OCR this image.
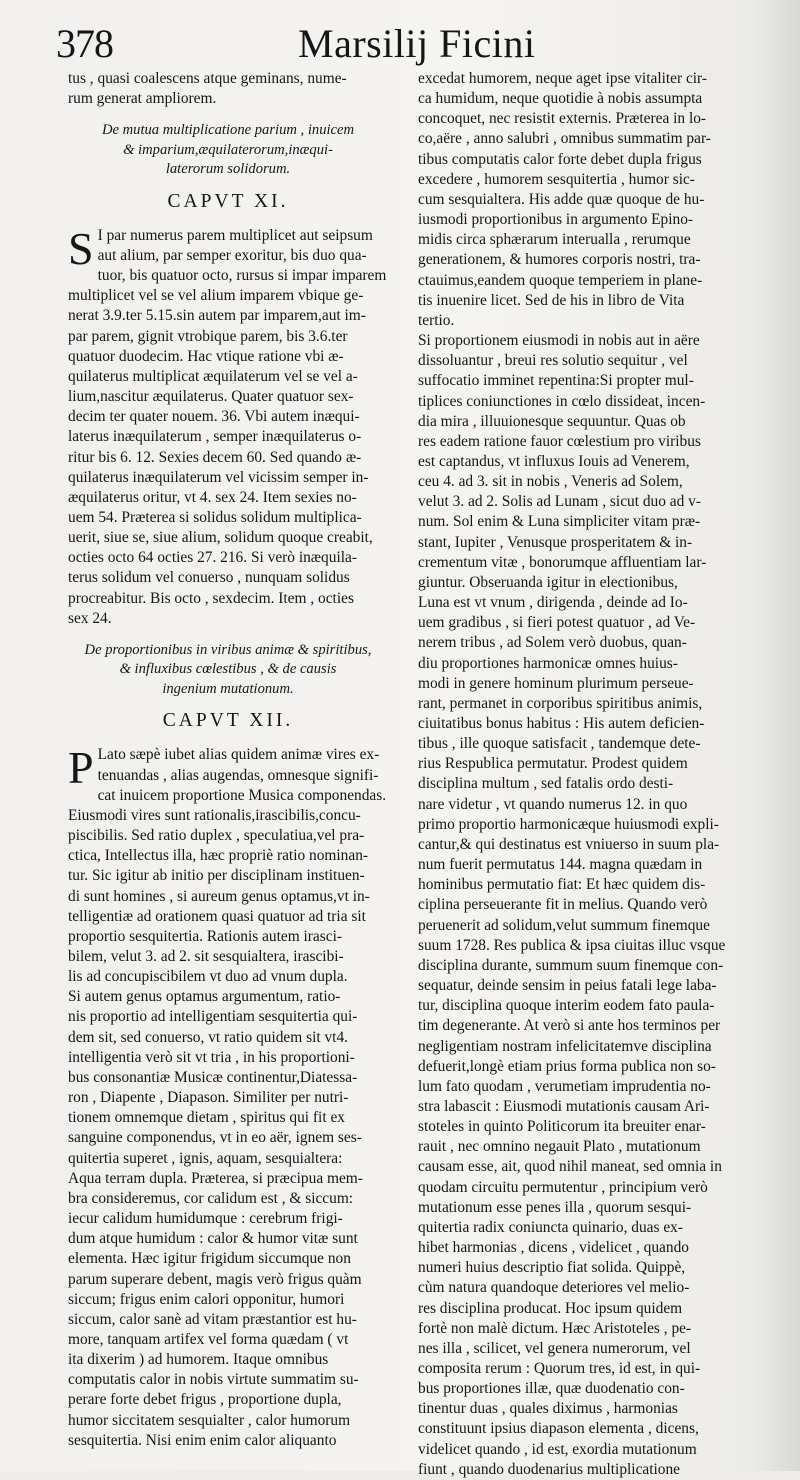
378	Marsilij Ficini
tus , quasi coalescens atque geminans, nume-
rum generat ampliorem.
De mutua multiplicatione parium , inuicem
& imparium,æquilaterorum,inæqui-
laterorum solidorum.
CAPVT XI.
S I par numerus parem multiplicet aut seipsum
aut alium, par semper exoritur, bis duo qua-
tuor, bis quatuor octo, rursus si impar imparem
multiplicet vel se vel alium imparem vbique ge-
nerat 3.9.ter 5.15.sin autem par imparem,aut im-
par parem, gignit vtrobique parem, bis 3.6.ter
quatuor duodecim. Hac vtique ratione vbi æ-
quilaterus multiplicat æquilaterum vel se vel a-
lium,nascitur æquilaterus. Quater quatuor sex-
decim ter quater nouem. 36. Vbi autem inæqui-
laterus inæquilaterum , semper inæquilaterus o-
ritur bis 6. 12. Sexies decem 60. Sed quando æ-
quilaterus inæquilaterum vel vicissim semper in-
æquilaterus oritur, vt 4. sex 24. Item sexies no-
uem 54. Præterea si solidus solidum multiplica-
uerit, siue se, siue alium, solidum quoque creabit,
octies octo 64 octies 27. 216. Si verò inæquila-
terus solidum vel conuerso , nunquam solidus
procreabitur. Bis octo , sexdecim. Item , octies
sex 24.
De proportionibus in viribus animæ & spiritibus,
& influxibus cœlestibus , & de causis
ingenium mutationum.
CAPVT XII.
P Lato sæpè iubet alias quidem animæ vires ex-
tenuandas , alias augendas, omnesque signifi-
cat inuicem proportione Musica componendas.
Eiusmodi vires sunt rationalis,irascibilis,concu-
piscibilis. Sed ratio duplex , speculatiua,vel pra-
ctica, Intellectus illa, hæc propriè ratio nominan-
tur. Sic igitur ab initio per disciplinam instituen-
di sunt homines , si aureum genus optamus,vt in-
telligentiæ ad orationem quasi quatuor ad tria sit
proportio sesquitertia. Rationis autem irasci-
bilem, velut 3. ad 2. sit sesquialtera, irascibi-
lis ad concupiscibilem vt duo ad vnum dupla.
Si autem genus optamus argumentum, ratio-
nis proportio ad intelligentiam sesquitertia qui-
dem sit, sed conuerso, vt ratio quidem sit vt4.
intelligentia verò sit vt tria , in his proportioni-
bus consonantiæ Musicæ continentur,Diatessa-
ron , Diapente , Diapason. Similiter per nutri-
tionem omnemque dietam , spiritus qui fit ex
sanguine componendus, vt in eo aër, ignem ses-
quitertia superet , ignis, aquam, sesquialtera:
Aqua terram dupla. Præterea, si præcipua mem-
bra consideremus, cor calidum est , & siccum:
iecur calidum humidumque : cerebrum frigi-
dum atque humidum : calor & humor vitæ sunt
elementa. Hæc igitur frigidum siccumque non
parum superare debent, magis verò frigus quàm
siccum; frigus enim calori opponitur, humori
siccum, calor sanè ad vitam præstantior est hu-
more, tanquam artifex vel forma quædam ( vt
ita dixerim ) ad humorem. Itaque omnibus
computatis calor in nobis virtute summatim su-
perare forte debet frigus , proportione dupla,
humor siccitatem sesquialter , calor humorum
sesquitertia. Nisi enim enim calor aliquanto
excedat humorem, neque aget ipse vitaliter cir-
ca humidum, neque quotidie à nobis assumpta
concoquet, nec resistit externis. Præterea in lo-
co,aëre , anno salubri , omnibus summatim par-
tibus computatis calor forte debet dupla frigus
excedere , humorem sesquitertia , humor sic-
cum sesquialtera. His adde quæ quoque de hu-
iusmodi proportionibus in argumento Epino-
midis circa sphærarum interualla , rerumque
generationem, & humores corporis nostri, tra-
ctauimus,eandem quoque temperiem in plane-
tis inuenire licet. Sed de his in libro de Vita
tertio.
Si proportionem eiusmodi in nobis aut in aëre
dissoluantur , breui res solutio sequitur , vel
suffocatio imminet repentina:Si propter mul-
tiplices coniunctiones in cœlo dissideat, incen-
dia mira , illuuionesque sequuntur. Quas ob
res eadem ratione fauor cœlestium pro viribus
est captandus, vt influxus Iouis ad Venerem,
ceu 4. ad 3. sit in nobis , Veneris ad Solem,
velut 3. ad 2. Solis ad Lunam , sicut duo ad v-
num. Sol enim & Luna simpliciter vitam præ-
stant, Iupiter , Venusque prosperitatem & in-
crementum vitæ , bonorumque affluentiam lar-
giuntur. Obseruanda igitur in electionibus,
Luna est vt vnum , dirigenda , deinde ad Io-
uem gradibus , si fieri potest quatuor , ad Ve-
nerem tribus , ad Solem verò duobus, quan-
diu proportiones harmonicæ omnes huius-
modi in genere hominum plurimum perseue-
rant, permanet in corporibus spiritibus animis,
ciuitatibus bonus habitus : His autem deficien-
tibus , ille quoque satisfacit , tandemque dete-
rius Respublica permutatur. Prodest quidem
disciplina multum , sed fatalis ordo desti-
nare videtur , vt quando numerus 12. in quo
primo proportio harmonicæque huiusmodi expli-
cantur,& qui destinatus est vniuerso in suum pla-
num fuerit permutatus 144. magna quædam in
hominibus permutatio fiat: Et hæc quidem dis-
ciplina perseuerante fit in melius. Quando verò
peruenerit ad solidum,velut summum finemque
suum 1728. Res publica & ipsa ciuitas illuc vsque
disciplina durante, summum suum finemque con-
sequatur, deinde sensim in peius fatali lege laba-
tur, disciplina quoque interim eodem fato paula-
tim degenerante. At verò si ante hos terminos per
negligentiam nostram infelicitatemve disciplina
defuerit,longè etiam prius forma publica non so-
lum fato quodam , verumetiam imprudentia no-
stra labascit : Eiusmodi mutationis causam Ari-
stoteles in quinto Politicorum ita breuiter enar-
rauit , nec omnino negauit Plato , mutationum
causam esse, ait, quod nihil maneat, sed omnia in
quodam circuitu permutentur , principium verò
mutationum esse penes illa , quorum sesqui-
quitertia radix coniuncta quinario, duas ex-
hibet harmonias , dicens , videlicet , quando
numeri huius descriptio fiat solida. Quippè,
cùm natura quandoque deteriores vel melio-
res disciplina producat. Hoc ipsum quidem
fortè non malè dictum. Hæc Aristoteles , pe-
nes illa , scilicet, vel genera numerorum, vel
composita rerum : Quorum tres, id est, in qui-
bus proportiones illæ, quæ duodenatio con-
tinentur duas , quales diximus , harmonias
constituunt ipsius diapason elementa , dicens,
videlicet quando , id est, exordia mutationum
fiunt , quando duodenarius multiplicatione
